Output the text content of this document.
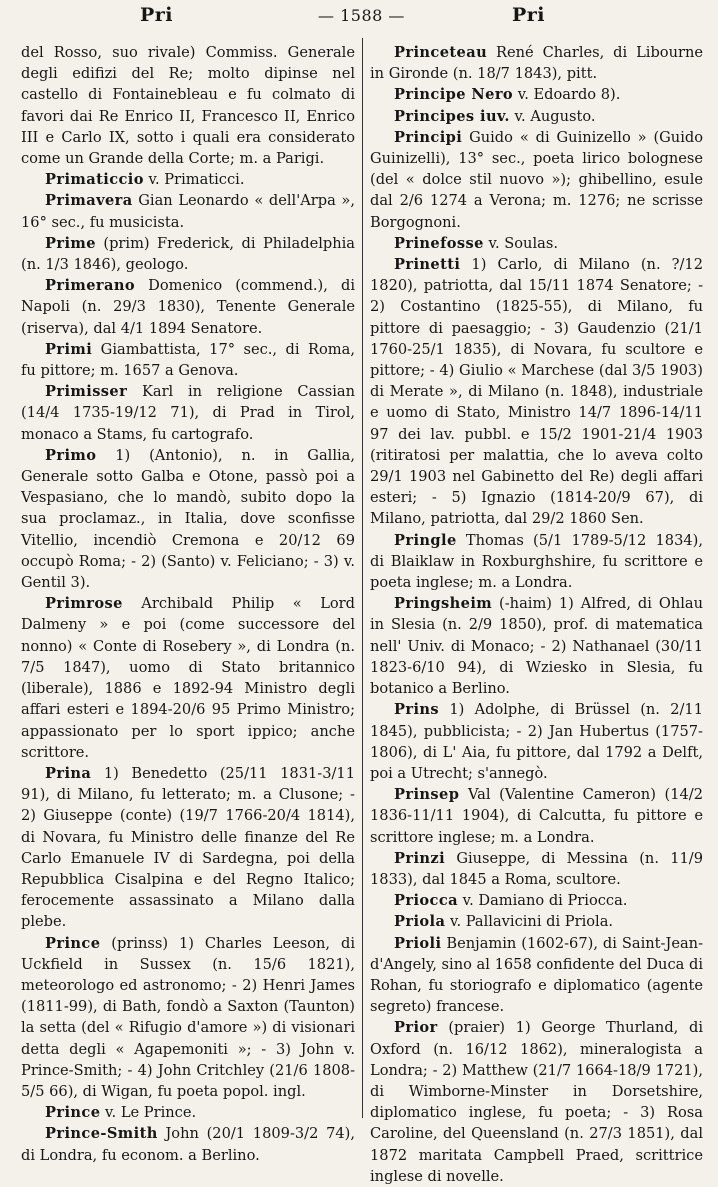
Pri	— 1588 —	Pri

del Rosso, suo rivale) Commiss. Generale degli edifizi del Re; molto dipinse nel castello di Fontainebleau e fu colmato di favori dai Re Enrico II, Francesco II, Enrico III e Carlo IX, sotto i quali era considerato come un Grande della Corte; m. a Parigi.

Primaticcio v. Primaticci.

Primavera Gian Leonardo « dell'Arpa », 16° sec., fu musicista.

Prime (prim) Frederick, di Philadelphia (n. 1/3 1846), geologo.

Primerano Domenico (commend.), di Napoli (n. 29/3 1830), Tenente Generale (riserva), dal 4/1 1894 Senatore.

Primi Giambattista, 17° sec., di Roma, fu pittore; m. 1657 a Genova.

Primisser Karl in religione Cassian (14/4 1735-19/12 71), di Prad in Tirol, monaco a Stams, fu cartografo.

Primo 1) (Antonio), n. in Gallia, Generale sotto Galba e Otone, passò poi a Vespasiano, che lo mandò, subito dopo la sua proclamaz., in Italia, dove sconfisse Vitellio, incendiò Cremona e 20/12 69 occupò Roma; - 2) (Santo) v. Feliciano; - 3) v. Gentil 3).

Primrose Archibald Philip « Lord Dalmeny » e poi (come successore del nonno) « Conte di Rosebery », di Londra (n. 7/5 1847), uomo di Stato britannico (liberale), 1886 e 1892-94 Ministro degli affari esteri e 1894-20/6 95 Primo Ministro; appassionato per lo sport ippico; anche scrittore.

Prina 1) Benedetto (25/11 1831-3/11 91), di Milano, fu letterato; m. a Clusone; - 2) Giuseppe (conte) (19/7 1766-20/4 1814), di Novara, fu Ministro delle finanze del Re Carlo Emanuele IV di Sardegna, poi della Repubblica Cisalpina e del Regno Italico; ferocemente assassinato a Milano dalla plebe.

Prince (prinss) 1) Charles Leeson, di Uckfield in Sussex (n. 15/6 1821), meteorologo ed astronomo; - 2) Henri James (1811-99), di Bath, fondò a Saxton (Taunton) la setta (del « Rifugio d'amore ») di visionari detta degli « Agapemoniti »; - 3) John v. Prince-Smith; - 4) John Critchley (21/6 1808-5/5 66), di Wigan, fu poeta popol. ingl.

Prince v. Le Prince.

Prince-Smith John (20/1 1809-3/2 74), di Londra, fu econom. a Berlino.

Princeteau René Charles, di Libourne in Gironde (n. 18/7 1843), pitt.

Principe Nero v. Edoardo 8).

Principes iuv. v. Augusto.

Principi Guido « di Guinizello » (Guido Guinizelli), 13° sec., poeta lirico bolognese (del « dolce stil nuovo »); ghibellino, esule dal 2/6 1274 a Verona; m. 1276; ne scrisse Borgognoni.

Prinefosse v. Soulas.

Prinetti 1) Carlo, di Milano (n. ?/12 1820), patriotta, dal 15/11 1874 Senatore; - 2) Costantino (1825-55), di Milano, fu pittore di paesaggio; - 3) Gaudenzio (21/1 1760-25/1 1835), di Novara, fu scultore e pittore; - 4) Giulio « Marchese (dal 3/5 1903) di Merate », di Milano (n. 1848), industriale e uomo di Stato, Ministro 14/7 1896-14/11 97 dei lav. pubbl. e 15/2 1901-21/4 1903 (ritiratosi per malattia, che lo aveva colto 29/1 1903 nel Gabinetto del Re) degli affari esteri; - 5) Ignazio (1814-20/9 67), di Milano, patriotta, dal 29/2 1860 Sen.

Pringle Thomas (5/1 1789-5/12 1834), di Blaiklaw in Roxburghshire, fu scrittore e poeta inglese; m. a Londra.

Pringsheim (-haim) 1) Alfred, di Ohlau in Slesia (n. 2/9 1850), prof. di matematica nell' Univ. di Monaco; - 2) Nathanael (30/11 1823-6/10 94), di Wziesko in Slesia, fu botanico a Berlino.

Prins 1) Adolphe, di Brüssel (n. 2/11 1845), pubblicista; - 2) Jan Hubertus (1757-1806), di L' Aia, fu pittore, dal 1792 a Delft, poi a Utrecht; s'annegò.

Prinsep Val (Valentine Cameron) (14/2 1836-11/11 1904), di Calcutta, fu pittore e scrittore inglese; m. a Londra.

Prinzi Giuseppe, di Messina (n. 11/9 1833), dal 1845 a Roma, scultore.

Priocca v. Damiano di Priocca.

Priola v. Pallavicini di Priola.

Prioli Benjamin (1602-67), di Saint-Jean-d'Angely, sino al 1658 confidente del Duca di Rohan, fu storiografo e diplomatico (agente segreto) francese.

Prior (praier) 1) George Thurland, di Oxford (n. 16/12 1862), mineralogista a Londra; - 2) Matthew (21/7 1664-18/9 1721), di Wimborne-Minster in Dorsetshire, diplomatico inglese, fu poeta; - 3) Rosa Caroline, del Queensland (n. 27/3 1851), dal 1872 maritata Campbell Praed, scrittrice inglese di novelle.
